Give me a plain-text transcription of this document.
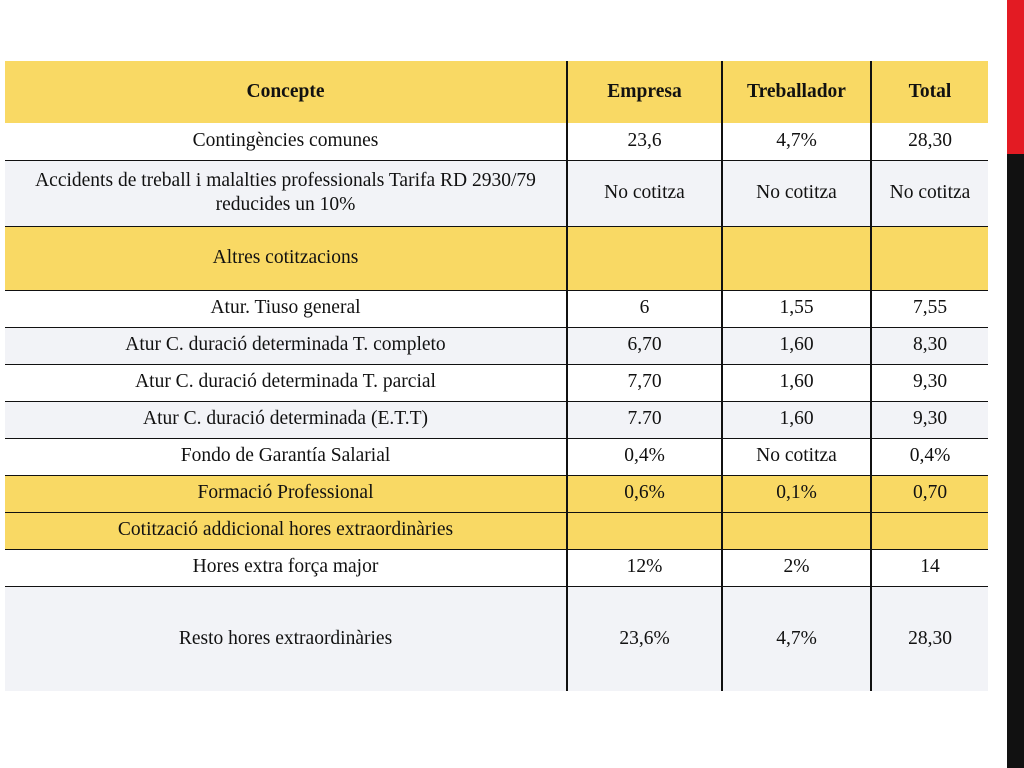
Concepte	Empresa	Treballador	Total
Contingències comunes	23,6	4,7%	28,30
Accidents de treball i malalties professionals Tarifa RD 2930/79 reducides un 10%	No cotitza	No cotitza	No cotitza
Altres cotitzacions			
Atur. Tiuso general	6	1,55	7,55
Atur C. duració determinada T. completo	6,70	1,60	8,30
Atur C. duració determinada T. parcial	7,70	1,60	9,30
Atur C. duració determinada (E.T.T)	7.70	1,60	9,30
Fondo de Garantía Salarial	0,4%	No cotitza	0,4%
Formació Professional	0,6%	0,1%	0,70
Cotització addicional hores extraordinàries			
Hores extra força major	12%	2%	14
Resto hores extraordinàries	23,6%	4,7%	28,30
